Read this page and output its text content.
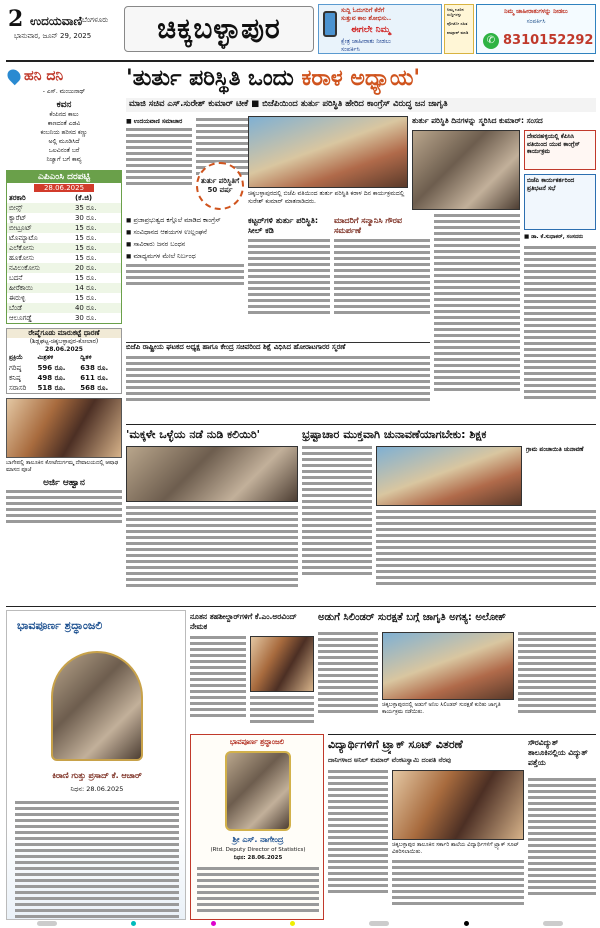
2 ಉದಯವಾಣಿ ಬೆಂಗಳೂರು
ಭಾನುವಾರ, ಜೂನ್ 29, 2025	ಚಿಕ್ಕಬಳ್ಳಾಪುರ
ಸುದ್ದಿ ಓದುಗರಿಗೆ ಕೆರೆಗೆ
ಸುತ್ತುವ ಕಾಲ ಶೋಭಿಸು..
ಈಗಲೇ ನಿಮ್ಮ
ಕ್ಷೇತ್ರ ಜಾಹೀರಾತು ನೀಡಲು
ಸಂಪರ್ಕಿಸಿ
ನಿಮ್ಮ ಊರಿನ ಸುದ್ದಿಗಳನ್ನು
ಫೋಟೋ ಸಹಿತ
ವಾಟ್ಸಾಪ್ ಮಾಡಿ
ನಿಮ್ಮ ಜಾಹೀರಾತುಗಳನ್ನು ನೀಡಲು
ಸಂಪರ್ಕಿಸಿ
✆ 8310152292
ಹನಿ ದನಿ
- ಎಸ್. ಮಂಜುನಾಥ್
ಕವನ
ಕೆಂಪಿನದ ಕಾಲು
ಕಾಣದಂತೆ ಎಡವಿ
ಕಂಬನಿಯ ಹರಿಸದ ಕಣ್ಣು
ಅಲ್ಲಿ ಮೂಡಿಸಿದೆ
ಒಲವಿನಂತೆ ಬರೆ
ನಿಜ್ವಾಗೆ ಬಗೆ ಕಾವ್ಯ
ಎಪಿಎಂಸಿ ದರಪಟ್ಟಿ
28.06.2025
ತರಕಾರಿ	(ಕೆ.ಜಿ)
ಬೀನ್ಸ್	35 ರೂ.
ಕ್ಯಾರೆಟ್	30 ರೂ.
ಬೀಟ್ರೂಟ್	15 ರೂ.
ಟೊಮ್ಯಾಟೊ	15 ರೂ.
ಎಲೆಕೋಸು	15 ರೂ.
ಹೂಕೋಸು	15 ರೂ.
ನವಿಲುಕೋಸು	20 ರೂ.
ಬದನೆ	15 ರೂ.
ಹೀರೆಕಾಯಿ	14 ರೂ.
ಈರುಳ್ಳಿ	15 ರೂ.
ಬೆಂಡೆ	40 ರೂ.
ಆಲೂಗಡ್ಡೆ	30 ರೂ.
ರೇಷ್ಮೆಗೂಡು ಮಾರುಕಟ್ಟೆ ಧಾರಣೆ
(ಶಿಡ್ಲಘಟ್ಟ-ಚಿಕ್ಕಬಳ್ಳಾಪುರ-ಕೋಲಾರ)
28.06.2025
ಪ್ರಕ್ರಿಯೆ	ಮಿಶ್ರತಳಿ	ದ್ವಿತಳಿ
ಗರಿಷ್ಠ	596 ರೂ.	638 ರೂ.
ಕನಿಷ್ಠ	498 ರೂ.	611 ರೂ.
ಸರಾಸರಿ	518 ರೂ.	568 ರೂ.
ಬಾಗೇಪಲ್ಲಿ ತಾಲೂಕಿನ ಕೋಟೆದುರ್ಗಮ್ಮ ದೇವಾಲಯದಲ್ಲಿ ಆಷಾಢ ಮಾಸದ ಪೂಜೆ
ಅರ್ಜಿ ಆಹ್ವಾನ
'ತುರ್ತು ಪರಿಸ್ಥಿತಿ ಒಂದು ಕರಾಳ ಅಧ್ಯಾಯ'
ಮಾಜಿ ಸಚಿವ ಎಸ್.ಸುರೇಶ್ ಕುಮಾರ್ ಟೀಕೆ ■ ಬಿಜೆಪಿಯಿಂದ ತುರ್ತು ಪರಿಸ್ಥಿತಿ ಹೇರಿದ ಕಾಂಗ್ರೆಸ್ ವಿರುದ್ಧ ಜನ ಜಾಗೃತಿ
■ ಉದಯವಾಣಿ ಸಮಾಚಾರ
ತುರ್ತು ಪರಿಸ್ಥಿತಿಗೆ 50 ವರ್ಷ	ಚಿಕ್ಕಬಳ್ಳಾಪುರದಲ್ಲಿ ಬಿಜೆಪಿ ವತಿಯಿಂದ ತುರ್ತು ಪರಿಸ್ಥಿತಿ ಕರಾಳ ದಿನ ಕಾರ್ಯಕ್ರಮದಲ್ಲಿ ಸುರೇಶ್ ಕುಮಾರ್ ಮಾತನಾಡಿದರು.
◼ ಪ್ರಜಾಪ್ರಭುತ್ವದ ಕಗ್ಗೊಲೆ ಮಾಡಿದ ಕಾಂಗ್ರೆಸ್
◼ ಸಂವಿಧಾನದ ಆಶಯಗಳ ಉಲ್ಲಂಘನೆ
◼ ಸಾವಿರಾರು ಜನರ ಬಂಧನ
◼ ಮಾಧ್ಯಮಗಳ ಮೇಲೆ ನಿರ್ಬಂಧ
ಕಟ್ಟರ್‌ಗಳಿ ತುರ್ತು ಪರಿಸ್ಥಿತಿ: ಸೀಲ್ ಕಡಿ
ಮಾದರಿಗೆ ಸನ್ಮಾನಿಸಿ ಗೌರವ ಸಮರ್ಪಣೆ
ಬಿಜೆಪಿ ರಾಷ್ಟ್ರೀಯ ಘಟಕದ ಅಧ್ಯಕ್ಷ ಹಾಗೂ ಕೇಂದ್ರ ಸಚಿವರಿಂದ ಶಿಕ್ಷೆ ವಿಧಿಸಿದ ಹೋರಾಟಗಾರರ ಸ್ಮರಣೆ
ತುರ್ತು ಪರಿಸ್ಥಿತಿ ದಿನಗಳನ್ನು ಸ್ಮರಿಸಿದ ಕುಮಾರ್: ಸಂಸದ
ದೇವನಹಳ್ಳಿಯಲ್ಲಿ ಕೆಪಿಸಿಸಿ ವತಿಯಿಂದ ಯುವ ಕಾಂಗ್ರೆಸ್ ಕಾರ್ಯಕ್ರಮ
ಬಿಜೆಪಿ ಕಾರ್ಯಕರ್ತರಿಂದ ಪ್ರತಿಭಟನೆ ಸಭೆ
■ ಡಾ. ಕೆ.ಸುಧಾಕರ್, ಸಂಸದರು
'ಮಕ್ಕಳೇ ಒಳ್ಳೆಯ ನಡೆ ನುಡಿ ಕಲಿಯಿರಿ'	ಭ್ರಷ್ಟಾಚಾರ ಮುಕ್ತವಾಗಿ ಚುನಾವಣೆಯಾಗಬೇಕು: ಶಿಕ್ಷಕ
ಗ್ರಾಮ ಪಂಚಾಯಿತಿ ಚುನಾವಣೆ
ಭಾವಪೂರ್ಣ ಶ್ರದ್ಧಾಂಜಲಿ
ಕಿರಾಣಿ ಗುತ್ತು ಪ್ರಸಾದ್ ಕೆ. ಆಚಾರ್
ನಿಧನ: 28.06.2025
ನೂತನ ತಹಶೀಲ್ದಾರ್‌ಗಳಿಗೆ ಕೆ.ಎಂ.ಅರವಿಂದ್ ನೇಮಕ
ಅಡುಗೆ ಸಿಲಿಂಡರ್ ಸುರಕ್ಷತೆ ಬಗ್ಗೆ ಜಾಗೃತಿ ಅಗತ್ಯ: ಅಲೋಕ್
ಚಿಕ್ಕಬಳ್ಳಾಪುರದಲ್ಲಿ ಅಡುಗೆ ಅನಿಲ ಸಿಲಿಂಡರ್ ಸುರಕ್ಷತೆ ಕುರಿತು ಜಾಗೃತಿ ಕಾರ್ಯಕ್ರಮ ನಡೆಯಿತು.
ಭಾವಪೂರ್ಣ ಶ್ರದ್ಧಾಂಜಲಿ
ಶ್ರೀ ಎಸ್. ನಾಗೇಂದ್ರ
(Rtd. Deputy Director of Statistics)
ನಿಧನ: 28.06.2025
ವಿದ್ಯಾರ್ಥಿಗಳಿಗೆ ಟ್ರ್ಯಾಕ್ ಸೂಟ್ ವಿತರಣೆ
ದಾನಿಗಳಾದ ಅನಿಲ್ ಕುಮಾರ್ ವೆಂಕಟಸ್ವಾಮಿ ದಂಪತಿ ನೆರವು
ಚಿಕ್ಕಬಳ್ಳಾಪುರ ತಾಲೂಕಿನ ಸರ್ಕಾರಿ ಶಾಲೆಯ ವಿದ್ಯಾರ್ಥಿಗಳಿಗೆ ಟ್ರ್ಯಾಕ್ ಸೂಟ್ ವಿತರಿಸಲಾಯಿತು.
ಸೌರವಿದ್ಯುತ್ ತಾಲೂಕಿನಲ್ಲಿಯ ವಿದ್ಯುತ್ ಪತ್ತೆಯ
